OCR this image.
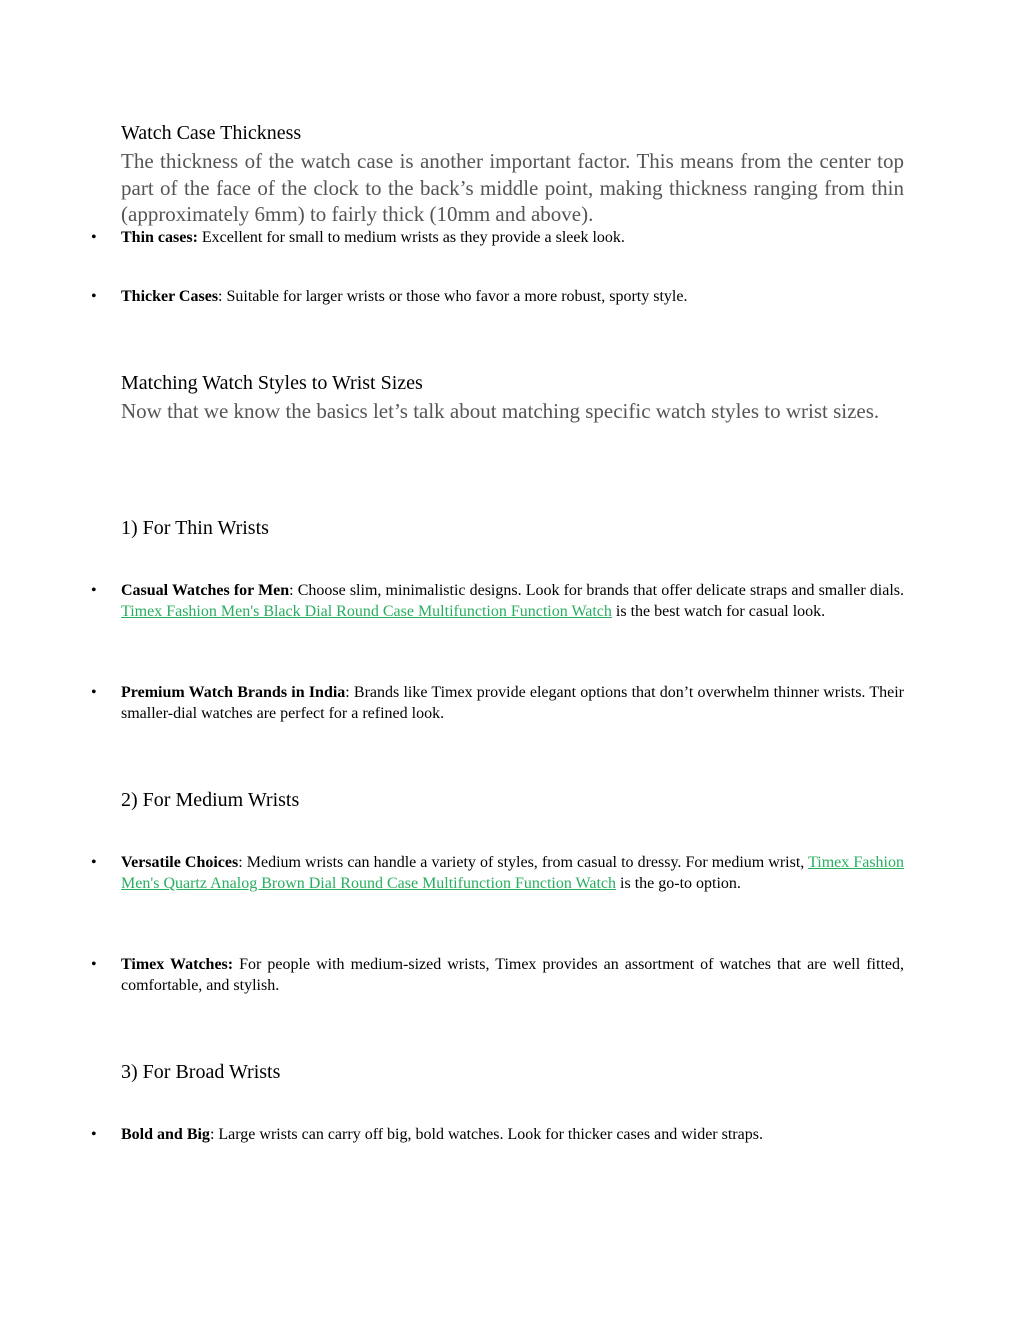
Watch Case Thickness
The thickness of the watch case is another important factor. This means from the center top part of the face of the clock to the back’s middle point, making thickness ranging from thin (approximately 6mm) to fairly thick (10mm and above).
• Thin cases: Excellent for small to medium wrists as they provide a sleek look.
• Thicker Cases: Suitable for larger wrists or those who favor a more robust, sporty style.
Matching Watch Styles to Wrist Sizes
Now that we know the basics let’s talk about matching specific watch styles to wrist sizes.
1) For Thin Wrists
• Casual Watches for Men: Choose slim, minimalistic designs. Look for brands that offer delicate straps and smaller dials. Timex Fashion Men's Black Dial Round Case Multifunction Function Watch is the best watch for casual look.
• Premium Watch Brands in India: Brands like Timex provide elegant options that don’t overwhelm thinner wrists. Their smaller-dial watches are perfect for a refined look.
2) For Medium Wrists
• Versatile Choices: Medium wrists can handle a variety of styles, from casual to dressy. For medium wrist, Timex Fashion Men's Quartz Analog Brown Dial Round Case Multifunction Function Watch is the go-to option.
• Timex Watches: For people with medium-sized wrists, Timex provides an assortment of watches that are well fitted, comfortable, and stylish.
3) For Broad Wrists
• Bold and Big: Large wrists can carry off big, bold watches. Look for thicker cases and wider straps.
